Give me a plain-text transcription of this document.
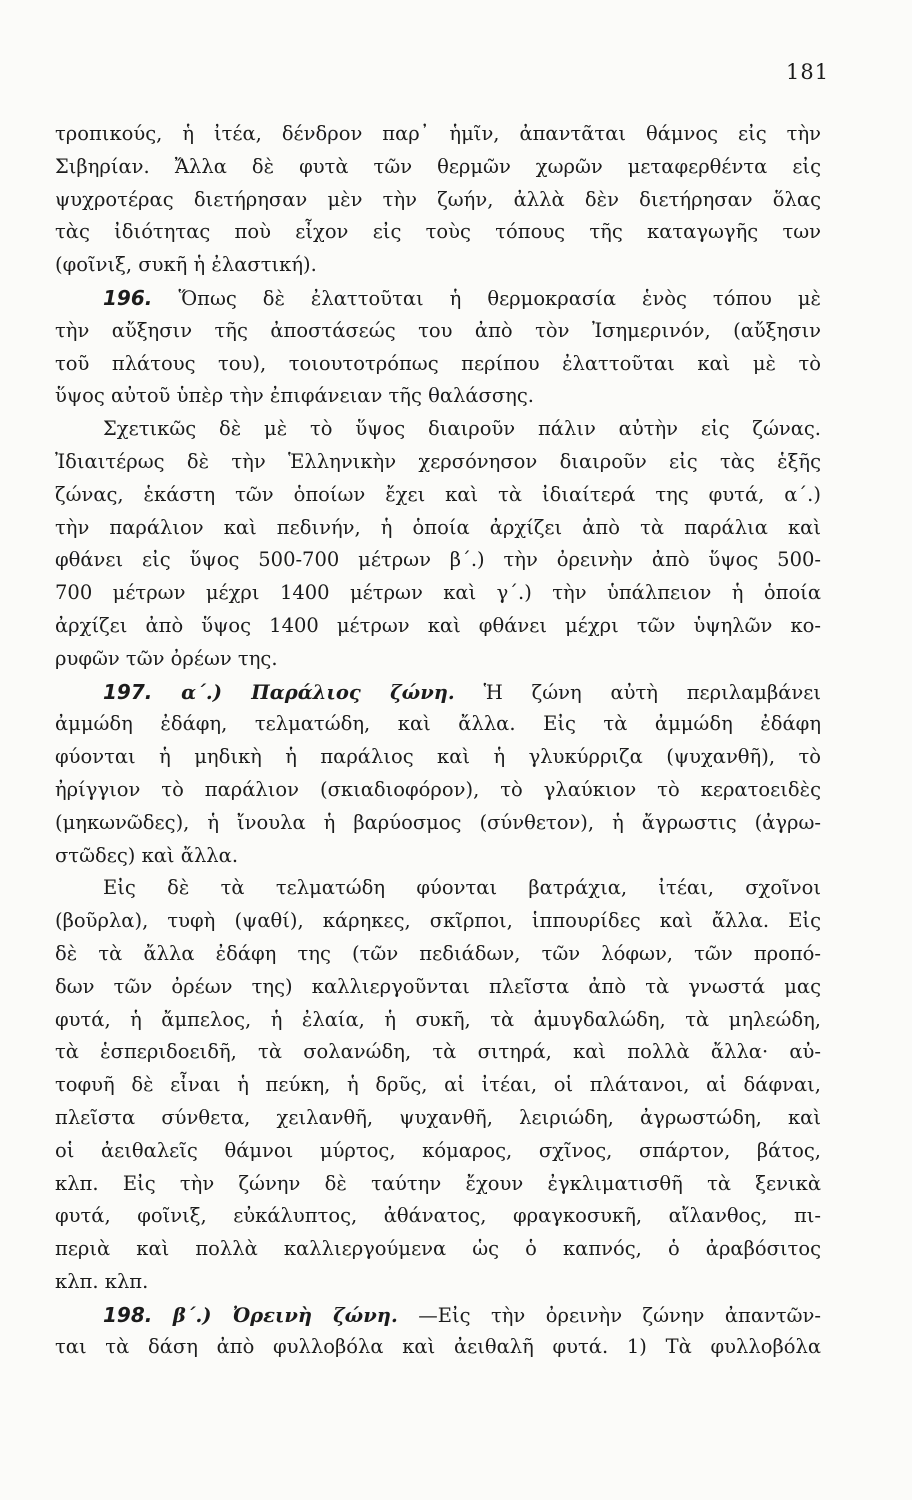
181
τροπικούς, ἡ ἰτέα, δένδρον παρ᾿ ἡμῖν, ἀπαντᾶται θάμνος εἰς τὴν
Σιβηρίαν. Ἄλλα δὲ φυτὰ τῶν θερμῶν χωρῶν μεταφερθέντα εἰς
ψυχροτέρας διετήρησαν μὲν τὴν ζωήν, ἀλλὰ δὲν διετήρησαν ὅλας
τὰς ἰδιότητας ποὺ εἶχον εἰς τοὺς τόπους τῆς καταγωγῆς των
(φοῖνιξ, συκῆ ἡ ἐλαστική).
196. Ὅπως δὲ ἐλαττοῦται ἡ θερμοκρασία ἑνὸς τόπου μὲ
τὴν αὔξησιν τῆς ἀποστάσεώς του ἀπὸ τὸν Ἰσημερινόν, (αὔξησιν
τοῦ πλάτους του), τοιουτοτρόπως περίπου ἐλαττοῦται καὶ μὲ τὸ
ὕψος αὐτοῦ ὑπὲρ τὴν ἐπιφάνειαν τῆς θαλάσσης.
Σχετικῶς δὲ μὲ τὸ ὕψος διαιροῦν πάλιν αὐτὴν εἰς ζώνας.
Ἰδιαιτέρως δὲ τὴν Ἑλληνικὴν χερσόνησον διαιροῦν εἰς τὰς ἑξῆς
ζώνας, ἑκάστη τῶν ὁποίων ἔχει καὶ τὰ ἰδιαίτερά της φυτά, α΄.)
τὴν παράλιον καὶ πεδινήν, ἡ ὁποία ἀρχίζει ἀπὸ τὰ παράλια καὶ
φθάνει εἰς ὕψος 500-700 μέτρων β΄.) τὴν ὀρεινὴν ἀπὸ ὕψος 500-
700 μέτρων μέχρι 1400 μέτρων καὶ γ΄.) τὴν ὑπάλπειον ἡ ὁποία
ἀρχίζει ἀπὸ ὕψος 1400 μέτρων καὶ φθάνει μέχρι τῶν ὑψηλῶν κο-
ρυφῶν τῶν ὀρέων της.
197. α΄.) Παράλιος ζώνη. Ἡ ζώνη αὐτὴ περιλαμβάνει
ἀμμώδη ἐδάφη, τελματώδη, καὶ ἄλλα. Εἰς τὰ ἀμμώδη ἐδάφη
φύονται ἡ μηδικὴ ἡ παράλιος καὶ ἡ γλυκύρριζα (ψυχανθῆ), τὸ
ἠρίγγιον τὸ παράλιον (σκιαδιοφόρον), τὸ γλαύκιον τὸ κερατοειδὲς
(μηκωνῶδες), ἡ ἴνουλα ἡ βαρύοσμος (σύνθετον), ἡ ἄγρωστις (ἀγρω-
στῶδες) καὶ ἄλλα.
Εἰς δὲ τὰ τελματώδη φύονται βατράχια, ἰτέαι, σχοῖνοι
(βοῦρλα), τυφὴ (ψαθί), κάρηκες, σκῖρποι, ἱππουρίδες καὶ ἄλλα. Εἰς
δὲ τὰ ἄλλα ἐδάφη της (τῶν πεδιάδων, τῶν λόφων, τῶν προπό-
δων τῶν ὀρέων της) καλλιεργοῦνται πλεῖστα ἀπὸ τὰ γνωστά μας
φυτά, ἡ ἄμπελος, ἡ ἐλαία, ἡ συκῆ, τὰ ἀμυγδαλώδη, τὰ μηλεώδη,
τὰ ἑσπεριδοειδῆ, τὰ σολανώδη, τὰ σιτηρά, καὶ πολλὰ ἄλλα· αὐ-
τοφυῆ δὲ εἶναι ἡ πεύκη, ἡ δρῦς, αἱ ἰτέαι, οἱ πλάτανοι, αἱ δάφναι,
πλεῖστα σύνθετα, χειλανθῆ, ψυχανθῆ, λειριώδη, ἀγρωστώδη, καὶ
οἱ ἀειθαλεῖς θάμνοι μύρτος, κόμαρος, σχῖνος, σπάρτον, βάτος,
κλπ. Εἰς τὴν ζώνην δὲ ταύτην ἔχουν ἐγκλιματισθῆ τὰ ξενικὰ
φυτά, φοῖνιξ, εὐκάλυπτος, ἀθάνατος, φραγκοσυκῆ, αἴλανθος, πι-
περιὰ καὶ πολλὰ καλλιεργούμενα ὡς ὁ καπνός, ὁ ἀραβόσιτος
κλπ. κλπ.
198. β΄.) Ὀρεινὴ ζώνη. —Εἰς τὴν ὀρεινὴν ζώνην ἀπαντῶν-
ται τὰ δάση ἀπὸ φυλλοβόλα καὶ ἀειθαλῆ φυτά. 1) Τὰ φυλλοβόλα
